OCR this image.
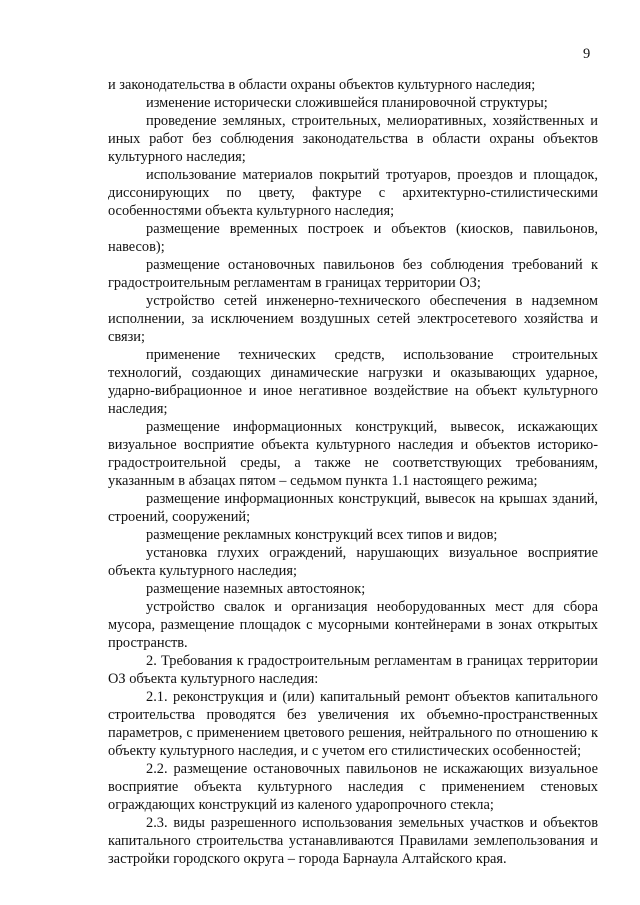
9

и законодательства в области охраны объектов культурного наследия;

изменение исторически сложившейся планировочной структуры;

проведение земляных, строительных, мелиоративных, хозяйственных и иных работ без соблюдения законодательства в области охраны объектов культурного наследия;

использование материалов покрытий тротуаров, проездов и площадок, диссонирующих по цвету, фактуре с архитектурно-стилистическими особенностями объекта культурного наследия;

размещение временных построек и объектов (киосков, павильонов, навесов);

размещение остановочных павильонов без соблюдения требований к градостроительным регламентам в границах территории ОЗ;

устройство сетей инженерно-технического обеспечения в надземном исполнении, за исключением воздушных сетей электросетевого хозяйства и связи;

применение технических средств, использование строительных технологий, создающих динамические нагрузки и оказывающих ударное, ударно-вибрационное и иное негативное воздействие на объект культурного наследия;

размещение информационных конструкций, вывесок, искажающих визуальное восприятие объекта культурного наследия и объектов историко-градостроительной среды, а также не соответствующих требованиям, указанным в абзацах пятом – седьмом пункта 1.1 настоящего режима;

размещение информационных конструкций, вывесок на крышах зданий, строений, сооружений;

размещение рекламных конструкций всех типов и видов;

установка глухих ограждений, нарушающих визуальное восприятие объекта культурного наследия;

размещение наземных автостоянок;

устройство свалок и организация необорудованных мест для сбора мусора, размещение площадок с мусорными контейнерами в зонах открытых пространств.

2. Требования к градостроительным регламентам в границах территории ОЗ объекта культурного наследия:

2.1. реконструкция и (или) капитальный ремонт объектов капитального строительства проводятся без увеличения их объемно-пространственных параметров, с применением цветового решения, нейтрального по отношению к объекту культурного наследия, и с учетом его стилистических особенностей;

2.2. размещение остановочных павильонов не искажающих визуальное восприятие объекта культурного наследия с применением стеновых ограждающих конструкций из каленого ударопрочного стекла;

2.3. виды разрешенного использования земельных участков и объектов капитального строительства устанавливаются Правилами землепользования и застройки городского округа – города Барнаула Алтайского края.
